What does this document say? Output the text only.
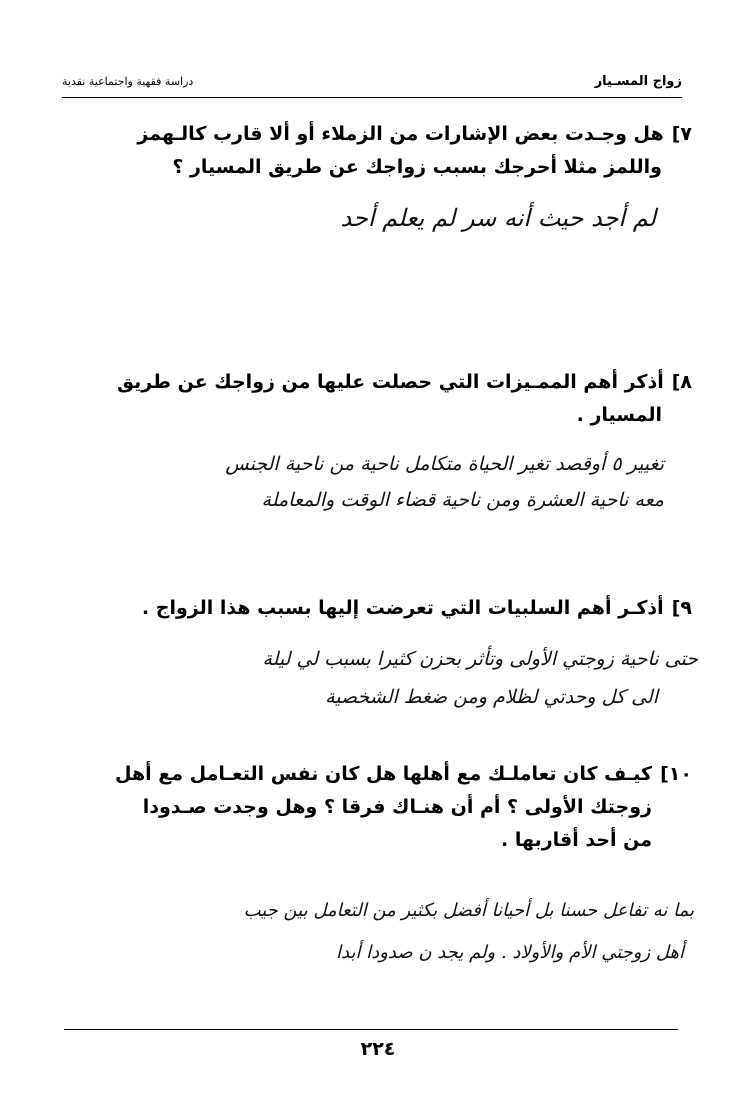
زواج المسـيار
دراسة فقهية واجتماعية نقدية
٧]هل وجـدت بعض الإشارات من الزملاء أو ألا قارب كالـهمز
واللمز مثلا أحرجك بسبب زواجك عن طريق المسيار ؟
لم أجد حيث أنه سر لم يعلم أحد
٨]أذكر أهم الممـيزات التي حصلت عليها من زواجك عن طريق
المسيار .
تغيير ٥ أوقصد تغير الحياة متكامل ناحية من ناحية الجنس
معه ناحية العشرة ومن ناحية قضاء الوقت والمعاملة
٩]أذكـر أهم السلبيات التي تعرضت إليها بسبب هذا الزواج .
حتى ناحية زوجتي الأولى وتأثر بحزن كثيرا بسبب لي ليلة
الى كل وحدتي لظلام ومن ضغط الشخصية
١٠]كيـف كان تعاملـك مع أهلها هل كان نفس التعـامل مع أهل
زوجتك الأولى ؟ أم أن هنـاك فرقا ؟ وهل وجدت صـدودا
من أحد أقاربها .
بما نه تفاعل حسنا بل أحيانا أفضل بكثير من التعامل بين جيب
أهل زوجتي الأم والأولاد . ولم يجد ن صدودا أبدا
٢٢٤
